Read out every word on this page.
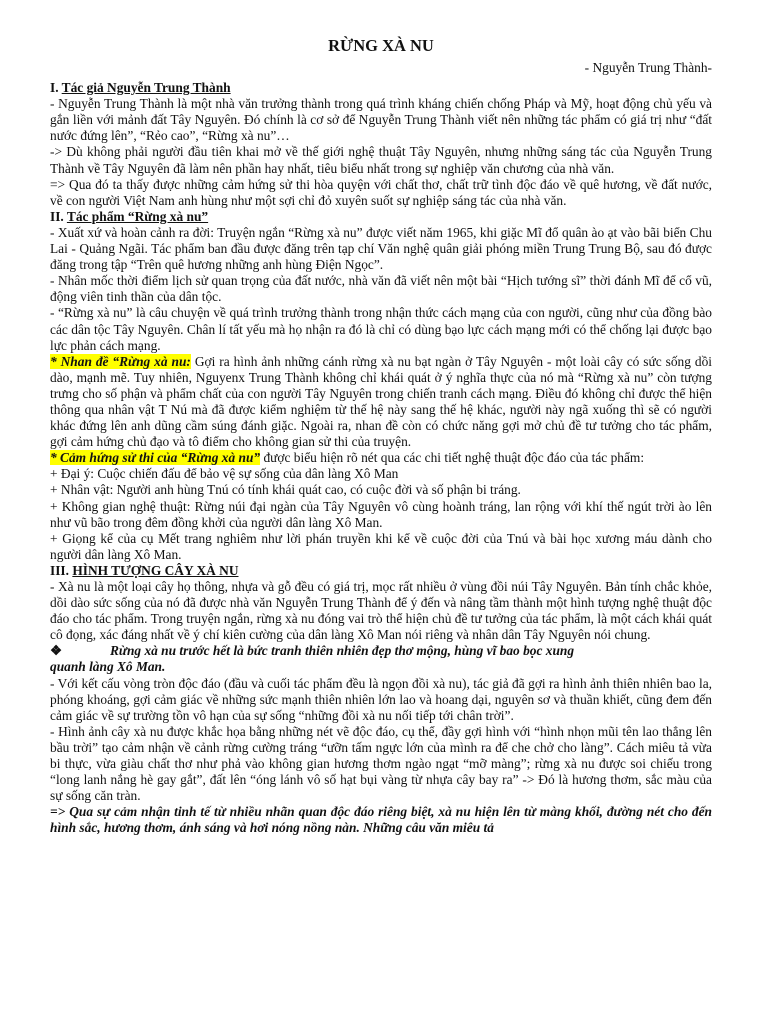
RỪNG XÀ NU
- Nguyễn Trung Thành-

I. Tác giả Nguyễn Trung Thành

- Nguyễn Trung Thành là một nhà văn trưởng thành trong quá trình kháng chiến chống Pháp và Mỹ, hoạt động chủ yếu và gắn liền với mảnh đất Tây Nguyên. Đó chính là cơ sở để Nguyễn Trung Thành viết nên những tác phẩm có giá trị như “đất nước đứng lên”, “Rẻo cao”, “Rừng xà nu”…

-> Dù không phải người đầu tiên khai mở về thế giới nghệ thuật Tây Nguyên, nhưng những sáng tác của Nguyễn Trung Thành về Tây Nguyên đã làm nên phần hay nhất, tiêu biểu nhất trong sự nghiệp văn chương của nhà văn.

=> Qua đó ta thấy được những cảm hứng sử thi hòa quyện với chất thơ, chất trữ tình độc đáo về quê hương, về đất nước, về con người Việt Nam anh hùng như một sợi chỉ đỏ xuyên suốt sự nghiệp sáng tác của nhà văn.

II. Tác phẩm “Rừng xà nu”

- Xuất xứ và hoàn cảnh ra đời: Truyện ngắn “Rừng xà nu” được viết năm 1965, khi giặc Mĩ đổ quân ào ạt vào bãi biển Chu Lai - Quảng Ngãi. Tác phẩm ban đầu được đăng trên tạp chí Văn nghệ quân giải phóng miền Trung Trung Bộ, sau đó được đăng trong tập “Trên quê hương những anh hùng Điện Ngọc”.

- Nhân mốc thời điểm lịch sử quan trọng của đất nước, nhà văn đã viết nên một bài “Hịch tướng sĩ” thời đánh Mĩ để cổ vũ, động viên tinh thần của dân tộc.

- “Rừng xà nu” là câu chuyện về quá trình trưởng thành trong nhận thức cách mạng của con người, cũng như của đồng bào các dân tộc Tây Nguyên. Chân lí tất yếu mà họ nhận ra đó là chỉ có dùng bạo lực cách mạng mới có thể chống lại được bạo lực phản cách mạng.

* Nhan đề “Rừng xà nu: Gợi ra hình ảnh những cánh rừng xà nu bạt ngàn ở Tây Nguyên - một loài cây có sức sống dồi dào, mạnh mẽ. Tuy nhiên, Nguyenx Trung Thành không chỉ khái quát ở ý nghĩa thực của nó mà “Rừng xà nu” còn tượng trưng cho số phận và phẩm chất của con người Tây Nguyên trong chiến tranh cách mạng. Điều đó không chỉ được thể hiện thông qua nhân vật T Nú mà đã được kiểm nghiệm từ thế hệ này sang thế hệ khác, người này ngã xuống thì sẽ có người khác đứng lên anh dũng cầm súng đánh giặc. Ngoài ra, nhan đề còn có chức năng gợi mở chủ đề tư tưởng cho tác phẩm, gợi cảm hứng chủ đạo và tô điểm cho không gian sử thi của truyện.

* Cảm hứng sử thi của “Rừng xà nu” được biểu hiện rõ nét qua các chi tiết nghệ thuật độc đáo của tác phẩm:

+ Đại ý: Cuộc chiến đấu để bảo vệ sự sống của dân làng Xô Man

+ Nhân vật: Người anh hùng Tnú có tính khái quát cao, có cuộc đời và số phận bi tráng.

+ Không gian nghệ thuật: Rừng núi đại ngàn của Tây Nguyên vô cùng hoành tráng, lan rộng với khí thế ngút trời ào lên như vũ bão trong đêm đồng khởi của người dân làng Xô Man.

+ Giọng kể của cụ Mết trang nghiêm như lời phán truyền khi kể về cuộc đời của Tnú và bài học xương máu dành cho người dân làng Xô Man.

III. HÌNH TƯỢNG CÂY XÀ NU

- Xà nu là một loại cây họ thông, nhựa và gỗ đều có giá trị, mọc rất nhiều ở vùng đồi núi Tây Nguyên. Bản tính chắc khỏe, dồi dào sức sống của nó đã được nhà văn Nguyễn Trung Thành để ý đến và nâng tầm thành một hình tượng nghệ thuật độc đáo cho tác phẩm. Trong truyện ngắn, rừng xà nu đóng vai trò thể hiện chủ đề tư tưởng của tác phẩm, là một cách khái quát cô đọng, xác đáng nhất về ý chí kiên cường của dân làng Xô Man nói riêng và nhân dân Tây Nguyên nói chung.

❖	Rừng xà nu trước hết là bức tranh thiên nhiên đẹp thơ mộng, hùng vĩ bao bọc xung

quanh làng Xô Man.

- Với kết cấu vòng tròn độc đáo (đầu và cuối tác phẩm đều là ngọn đồi xà nu), tác giả đã gợi ra hình ảnh thiên nhiên bao la, phóng khoáng, gợi cảm giác về những sức mạnh thiên nhiên lớn lao và hoang dại, nguyên sơ và thuần khiết, cũng đem đến cảm giác về sự trường tồn vô hạn của sự sống “những đồi xà nu nối tiếp tới chân trời”.

- Hình ảnh cây xà nu được khắc họa bằng những nét vẽ độc đáo, cụ thể, đầy gợi hình với “hình nhọn mũi tên lao thẳng lên bầu trời” tạo cảm nhận về cảnh rừng cường tráng “ưỡn tấm ngực lớn của mình ra để che chở cho làng”. Cách miêu tả vừa bi thực, vừa giàu chất thơ như phả vào không gian hương thơm ngào ngạt “mỡ màng”; rừng xà nu được soi chiếu trong “long lanh nắng hè gay gắt”, đất lên “óng lánh vô số hạt bụi vàng từ nhựa cây bay ra” -> Đó là hương thơm, sắc màu của sự sống căn tràn.

=> Qua sự cảm nhận tinh tế từ nhiều nhãn quan độc đáo riêng biệt, xà nu hiện lên từ màng khối, đường nét cho đến hình sắc, hương thơm, ánh sáng và hơi nóng nồng nàn. Những câu văn miêu tả
